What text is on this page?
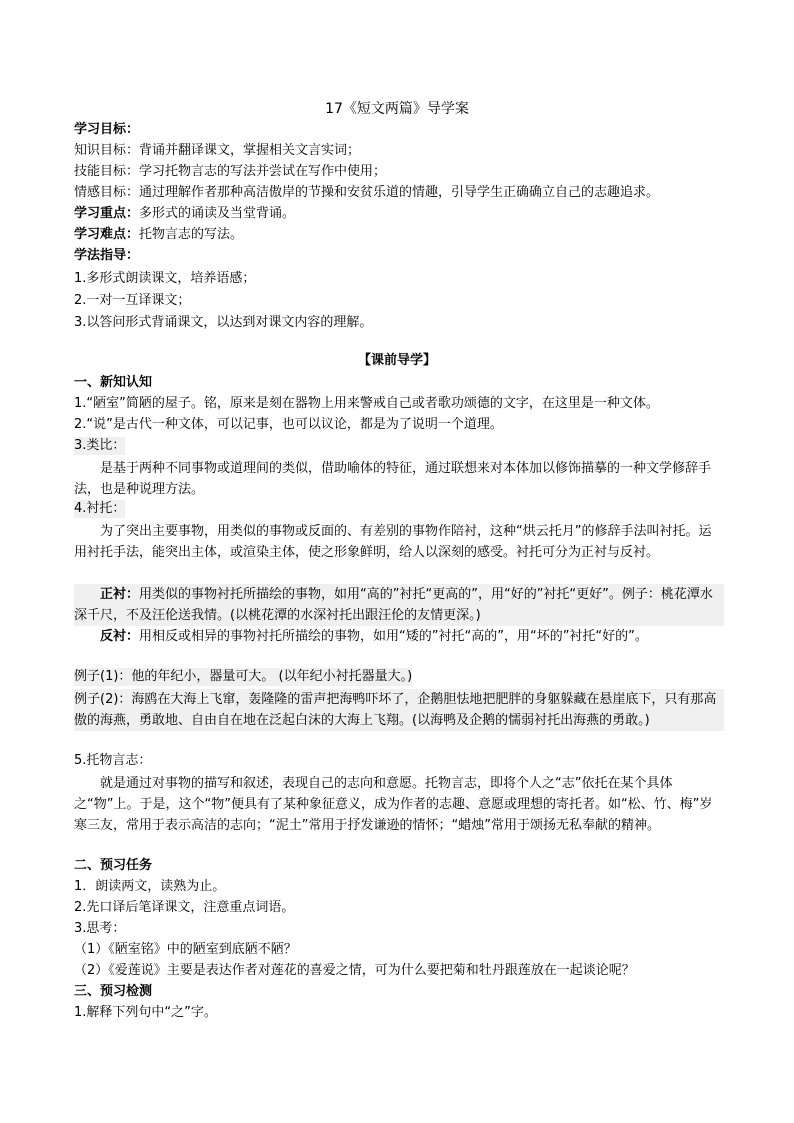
17《短文两篇》导学案
学习目标：
知识目标：背诵并翻译课文，掌握相关文言实词；
技能目标：学习托物言志的写法并尝试在写作中使用；
情感目标：通过理解作者那种高洁傲岸的节操和安贫乐道的情趣，引导学生正确确立自己的志趣追求。
学习重点：多形式的诵读及当堂背诵。
学习难点：托物言志的写法。
学法指导：
1.多形式朗读课文，培养语感；
2.一对一互译课文；
3.以答问形式背诵课文，以达到对课文内容的理解。
【课前导学】
一、新知认知
1.“陋室”简陋的屋子。铭，原来是刻在器物上用来警戒自己或者歌功颂德的文字，在这里是一种文体。
2.“说”是古代一种文体，可以记事，也可以议论，都是为了说明一个道理。
3.类比：
是基于两种不同事物或道理间的类似，借助喻体的特征，通过联想来对本体加以修饰描摹的一种文学修辞手法，也是种说理方法。
4.衬托：
为了突出主要事物，用类似的事物或反面的、有差别的事物作陪衬，这种“烘云托月”的修辞手法叫衬托。运用衬托手法，能突出主体，或渲染主体，使之形象鲜明，给人以深刻的感受。衬托可分为正衬与反衬。
正衬：用类似的事物衬托所描绘的事物，如用“高的”衬托“更高的”，用“好的”衬托“更好”。例子：桃花潭水深千尺，不及汪伦送我情。(以桃花潭的水深衬托出跟汪伦的友情更深。)
反衬：用相反或相异的事物衬托所描绘的事物，如用“矮的”衬托“高的”，用“坏的”衬托“好的”。
例子(1)：他的年纪小，器量可大。 (以年纪小衬托器量大。)
例子(2)：海鸥在大海上飞窜，轰隆隆的雷声把海鸭吓坏了，企鹅胆怯地把肥胖的身躯躲藏在悬崖底下，只有那高傲的海燕，勇敢地、自由自在地在泛起白沫的大海上飞翔。(以海鸭及企鹅的懦弱衬托出海燕的勇敢。)
5.托物言志：
就是通过对事物的描写和叙述，表现自己的志向和意愿。托物言志，即将个人之“志”依托在某个具体之“物”上。于是，这个“物”便具有了某种象征意义，成为作者的志趣、意愿或理想的寄托者。如“松、竹、梅”岁寒三友，常用于表示高洁的志向；“泥土”常用于抒发谦逊的情怀；“蜡烛”常用于颂扬无私奉献的精神。
二、预习任务
1．朗读两文，读熟为止。
2.先口译后笔译课文，注意重点词语。
3.思考：
（1）《陋室铭》中的陋室到底陋不陋？
（2）《爱莲说》主要是表达作者对莲花的喜爱之情，可为什么要把菊和牡丹跟莲放在一起谈论呢？
三、预习检测
1.解释下列句中“之”字。
